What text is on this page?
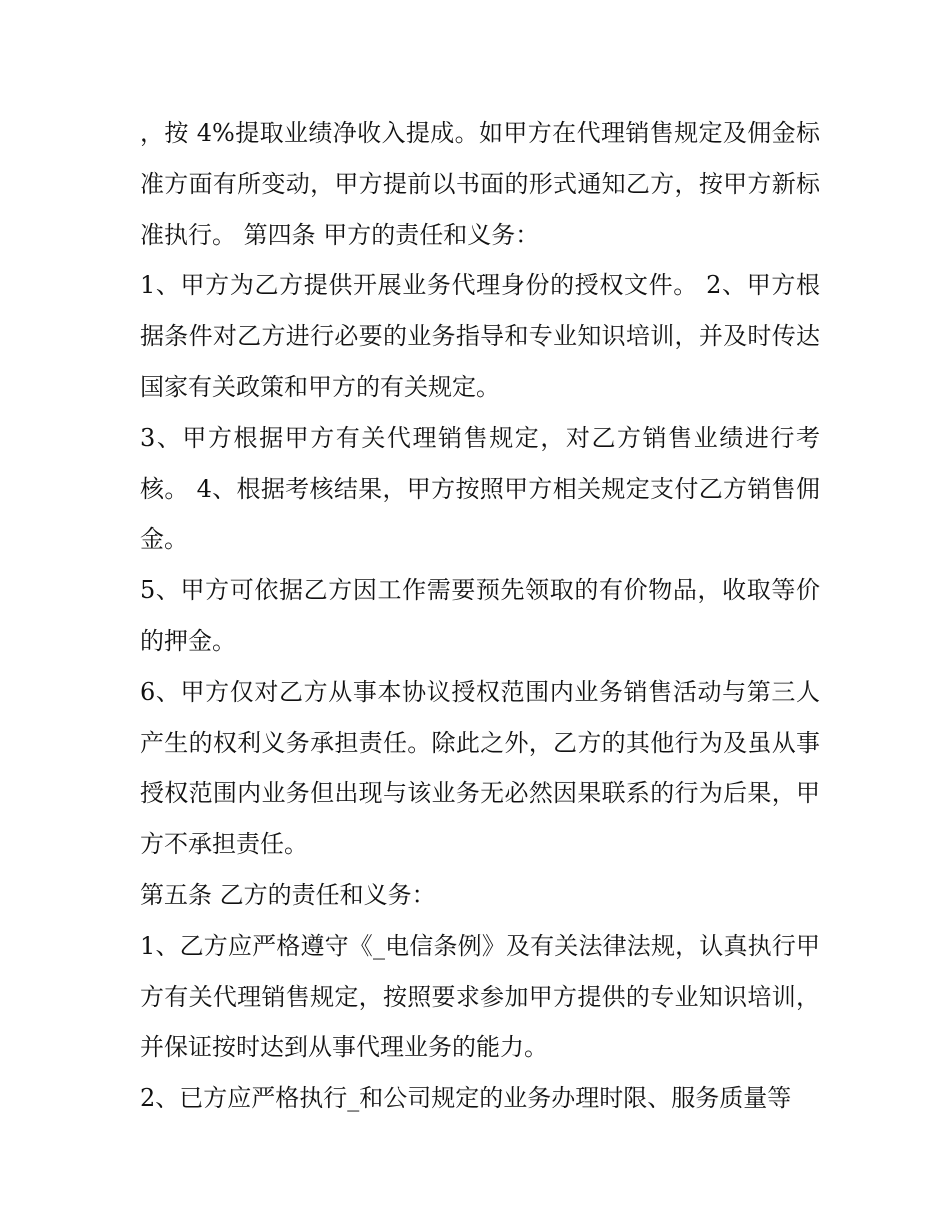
，按 4%提取业绩净收入提成。如甲方在代理销售规定及佣金标准方面有所变动，甲方提前以书面的形式通知乙方，按甲方新标准执行。 第四条 甲方的责任和义务：

1、甲方为乙方提供开展业务代理身份的授权文件。 2、甲方根据条件对乙方进行必要的业务指导和专业知识培训，并及时传达国家有关政策和甲方的有关规定。

3、甲方根据甲方有关代理销售规定，对乙方销售业绩进行考核。 4、根据考核结果，甲方按照甲方相关规定支付乙方销售佣金。

5、甲方可依据乙方因工作需要预先领取的有价物品，收取等价的押金。

6、甲方仅对乙方从事本协议授权范围内业务销售活动与第三人产生的权利义务承担责任。除此之外，乙方的其他行为及虽从事授权范围内业务但出现与该业务无必然因果联系的行为后果，甲方不承担责任。

第五条 乙方的责任和义务：

1、乙方应严格遵守《_电信条例》及有关法律法规，认真执行甲方有关代理销售规定，按照要求参加甲方提供的专业知识培训，并保证按时达到从事代理业务的能力。

2、已方应严格执行_和公司规定的业务办理时限、服务质量等
